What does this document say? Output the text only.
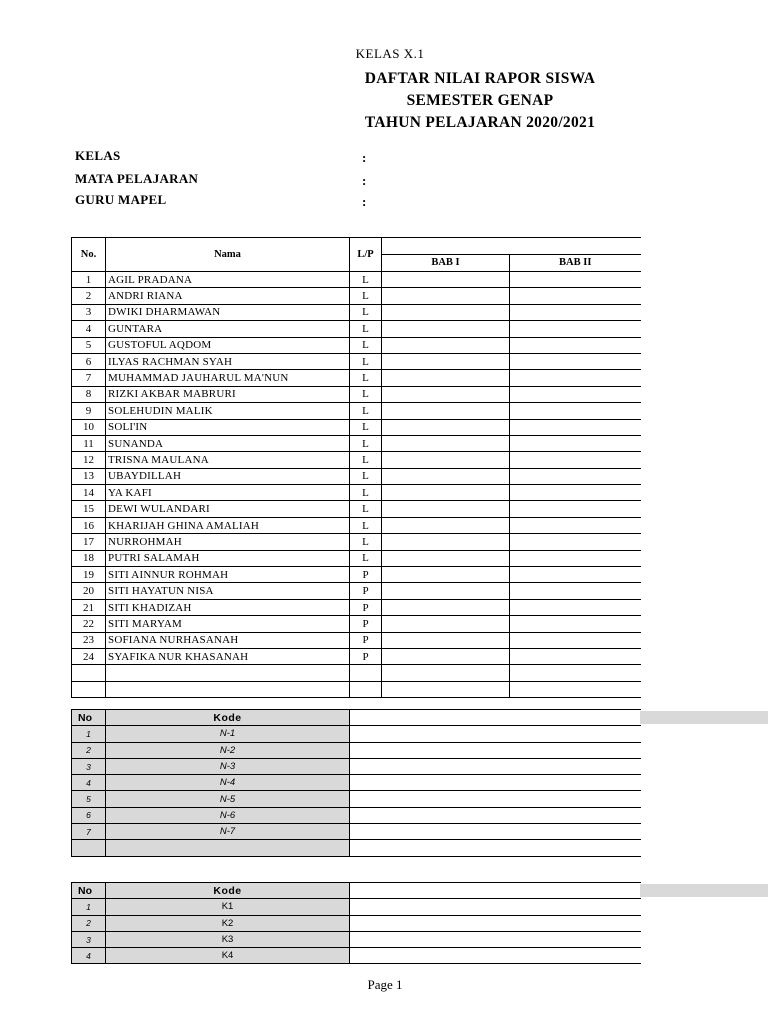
KELAS X.1
DAFTAR NILAI RAPOR SISWA
SEMESTER GENAP
TAHUN PELAJARAN 2020/2021
KELAS	:
MATA PELAJARAN	:
GURU MAPEL	:
No.	Nama	L/P		
			BAB I	BAB II
1	AGIL PRADANA	L		
2	ANDRI RIANA	L		
3	DWIKI DHARMAWAN	L		
4	GUNTARA	L		
5	GUSTOFUL AQDOM	L		
6	ILYAS RACHMAN SYAH	L		
7	MUHAMMAD JAUHARUL MA'NUN	L		
8	RIZKI AKBAR MABRURI	L		
9	SOLEHUDIN MALIK	L		
10	SOLI'IN	L		
11	SUNANDA	L		
12	TRISNA MAULANA	L		
13	UBAYDILLAH	L		
14	YA KAFI	L		
15	DEWI WULANDARI	L		
16	KHARIJAH GHINA AMALIAH	L		
17	NURROHMAH	L		
18	PUTRI SALAMAH	L		
19	SITI AINNUR ROHMAH	P		
20	SITI HAYATUN NISA	P		
21	SITI KHADIZAH	P		
22	SITI MARYAM	P		
23	SOFIANA NURHASANAH	P		
24	SYAFIKA NUR KHASANAH	P		

No	Kode	
1	N-1	
2	N-2	
3	N-3	
4	N-4	
5	N-5	
6	N-6	
7	N-7	

No	Kode	
1	K1	
2	K2	
3	K3	
4	K4	
Page 1
